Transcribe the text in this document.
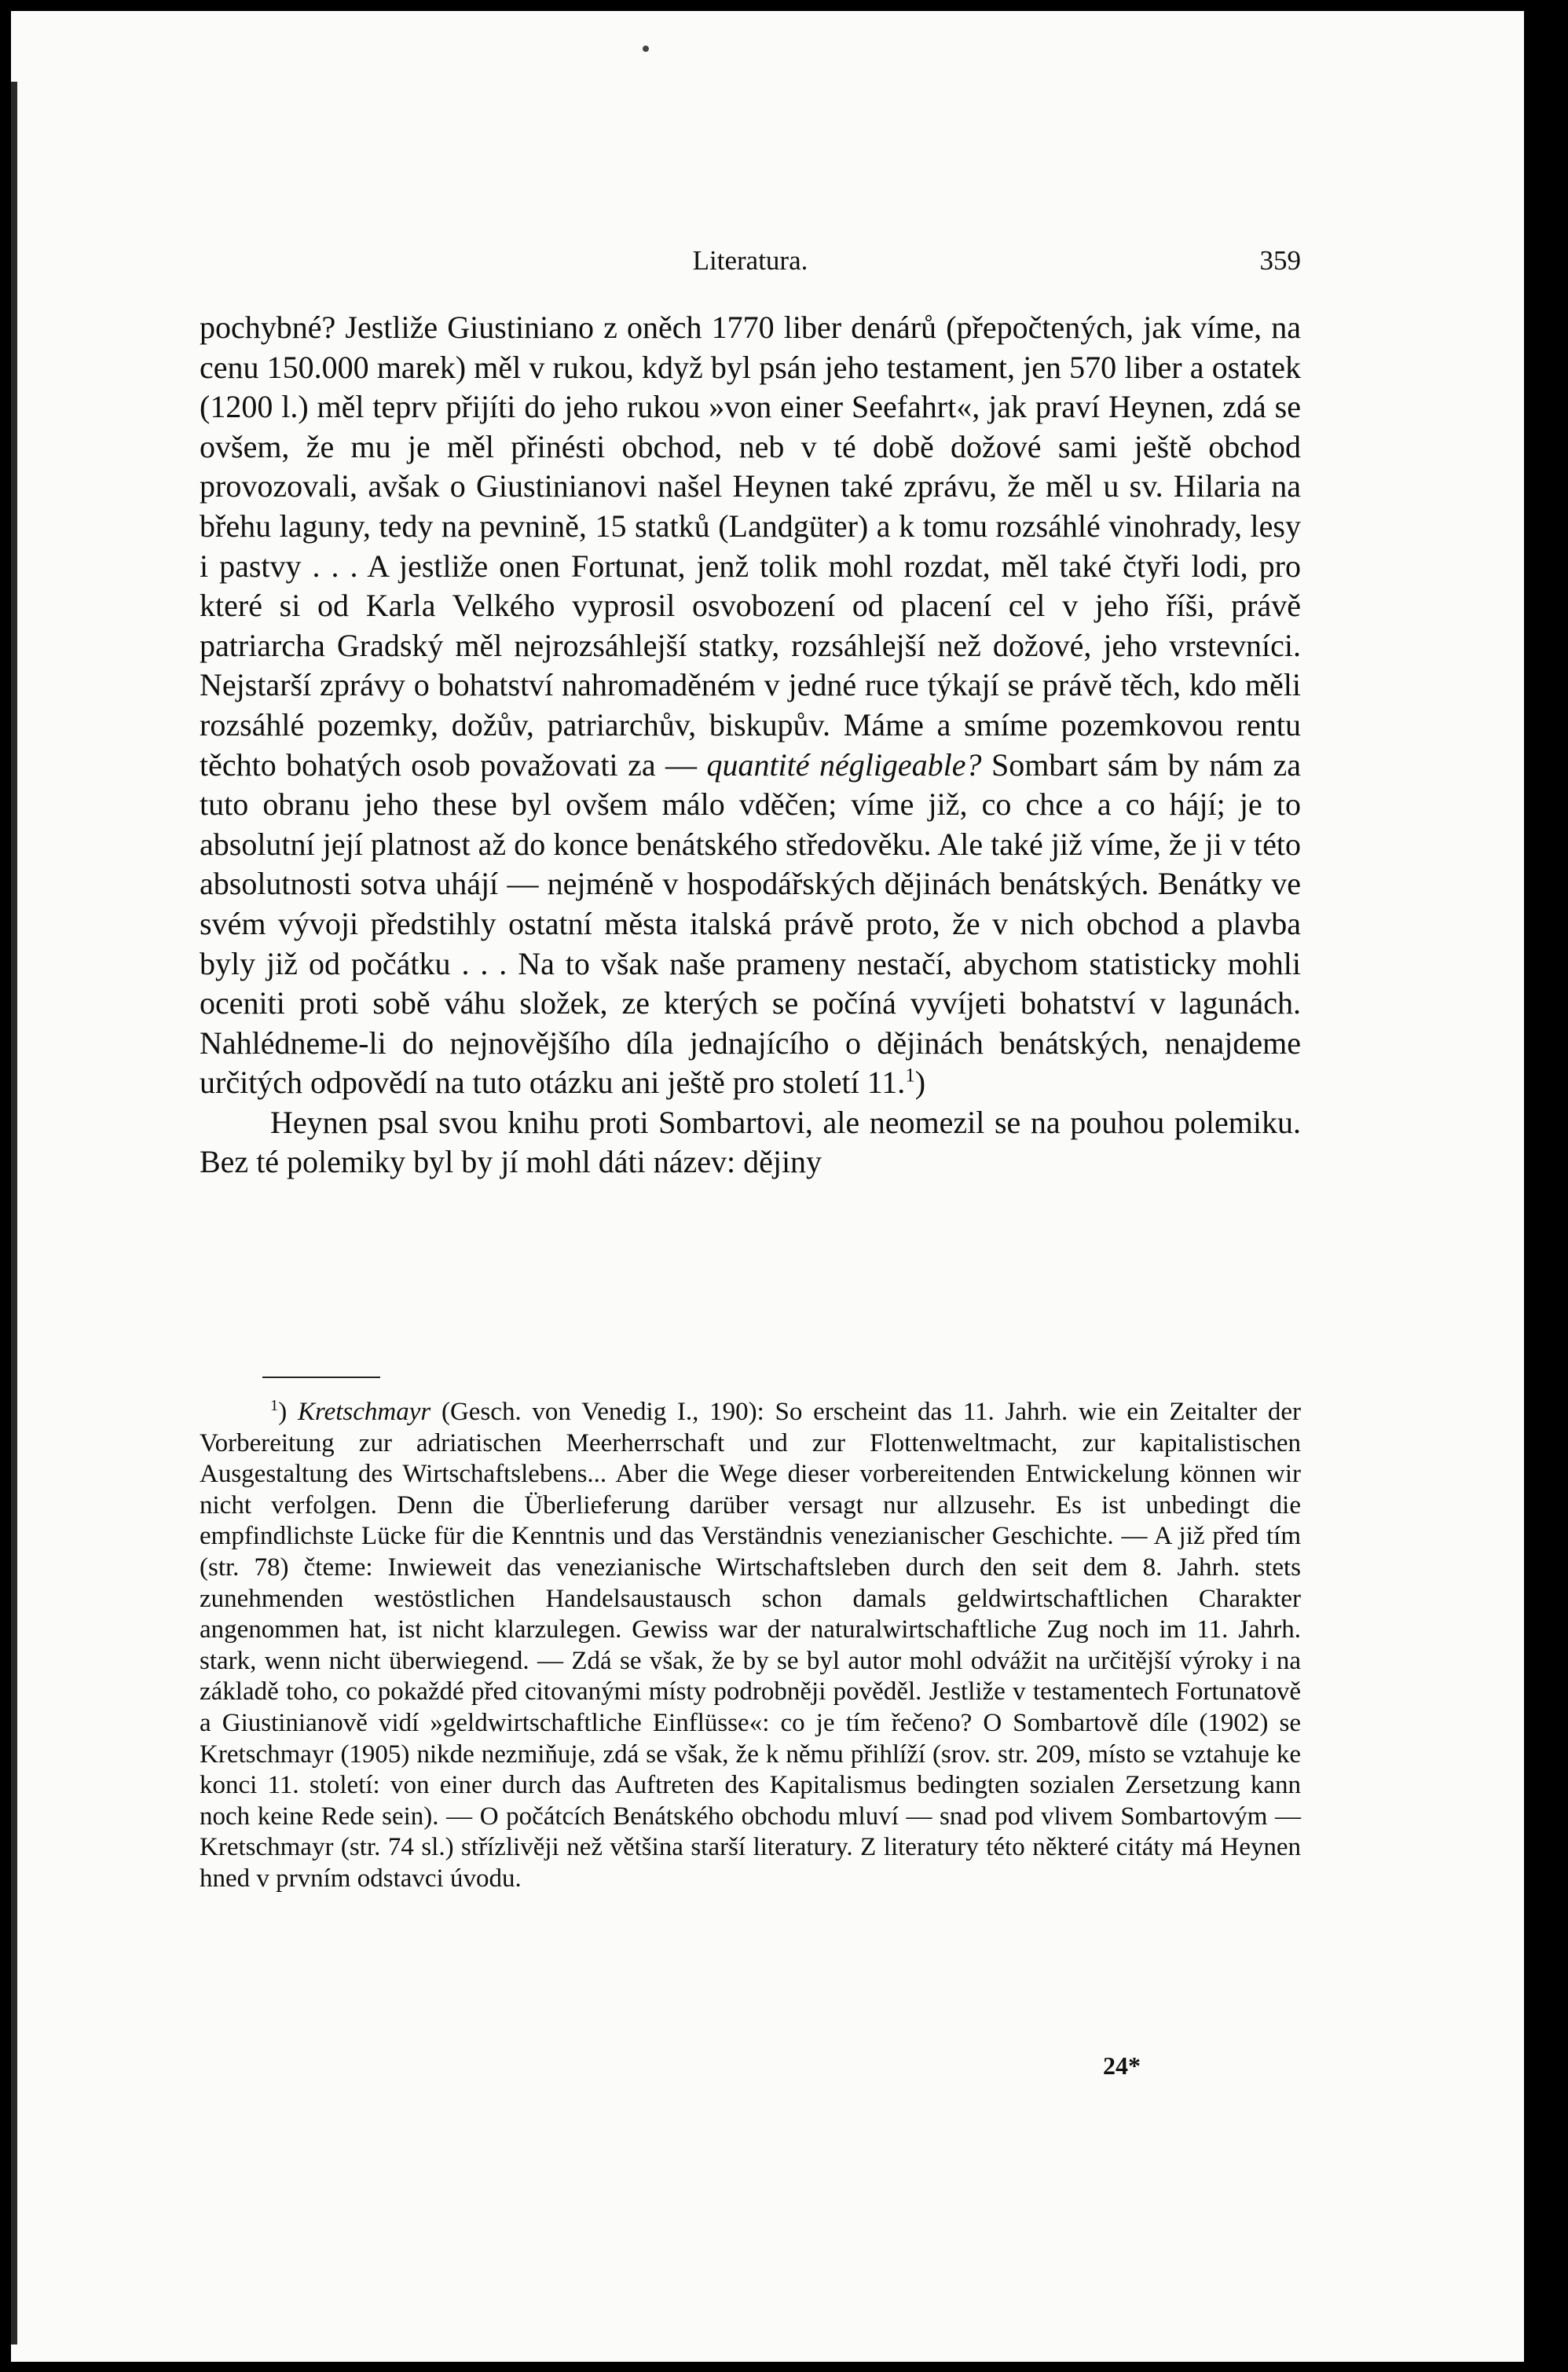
Literatura.	359

pochybné? Jestliže Giustiniano z oněch 1770 liber denárů (přepočtených, jak víme, na cenu 150.000 marek) měl v rukou, když byl psán jeho testament, jen 570 liber a ostatek (1200 l.) měl teprv přijíti do jeho rukou »von einer Seefahrt«, jak praví Heynen, zdá se ovšem, že mu je měl přinésti obchod, neb v té době dožové sami ještě obchod provozovali, avšak o Giustinianovi našel Heynen také zprávu, že měl u sv. Hilaria na břehu laguny, tedy na pevnině, 15 statků (Landgüter) a k tomu rozsáhlé vinohrady, lesy i pastvy . . . A jestliže onen Fortunat, jenž tolik mohl rozdat, měl také čtyři lodi, pro které si od Karla Velkého vyprosil osvobození od placení cel v jeho říši, právě patriarcha Gradský měl nejrozsáhlejší statky, rozsáhlejší než dožové, jeho vrstevníci. Nejstarší zprávy o bohatství nahromaděném v jedné ruce týkají se právě těch, kdo měli rozsáhlé pozemky, dožův, patriarchův, biskupův. Máme a smíme pozemkovou rentu těchto bohatých osob považovati za — quantité négligeable? Sombart sám by nám za tuto obranu jeho these byl ovšem málo vděčen; víme již, co chce a co hájí; je to absolutní její platnost až do konce benátského středověku. Ale také již víme, že ji v této absolutnosti sotva uhájí — nejméně v hospodářských dějinách benátských. Benátky ve svém vývoji předstihly ostatní města italská právě proto, že v nich obchod a plavba byly již od počátku . . . Na to však naše prameny nestačí, abychom statisticky mohli oceniti proti sobě váhu složek, ze kterých se počíná vyvíjeti bohatství v lagunách. Nahlédneme-li do nejnovějšího díla jednajícího o dějinách benátských, nenajdeme určitých odpovědí na tuto otázku ani ještě pro století 11.$^1$)

Heynen psal svou knihu proti Sombartovi, ale neomezil se na pouhou polemiku. Bez té polemiky byl by jí mohl dáti název: dějiny

$^1$) Kretschmayr (Gesch. von Venedig I., 190): So erscheint das 11. Jahrh. wie ein Zeitalter der Vorbereitung zur adriatischen Meerherrschaft und zur Flottenweltmacht, zur kapitalistischen Ausgestaltung des Wirtschaftslebens... Aber die Wege dieser vorbereitenden Entwickelung können wir nicht verfolgen. Denn die Überlieferung darüber versagt nur allzusehr. Es ist unbedingt die empfindlichste Lücke für die Kenntnis und das Verständnis venezianischer Geschichte. — A již před tím (str. 78) čteme: Inwieweit das venezianische Wirtschaftsleben durch den seit dem 8. Jahrh. stets zunehmenden westöstlichen Handelsaustausch schon damals geldwirtschaftlichen Charakter angenommen hat, ist nicht klarzulegen. Gewiss war der naturalwirtschaftliche Zug noch im 11. Jahrh. stark, wenn nicht überwiegend. — Zdá se však, že by se byl autor mohl odvážit na určitější výroky i na základě toho, co pokaždé před citovanými místy podrobněji pověděl. Jestliže v testamentech Fortunatově a Giustinianově vidí »geldwirtschaftliche Einflüsse«: co je tím řečeno? O Sombartově díle (1902) se Kretschmayr (1905) nikde nezmiňuje, zdá se však, že k němu přihlíží (srov. str. 209, místo se vztahuje ke konci 11. století: von einer durch das Auftreten des Kapitalismus bedingten sozialen Zersetzung kann noch keine Rede sein). — O počátcích Benátského obchodu mluví — snad pod vlivem Sombartovým — Kretschmayr (str. 74 sl.) střízlivěji než většina starší literatury. Z literatury této některé citáty má Heynen hned v prvním odstavci úvodu.

24*
